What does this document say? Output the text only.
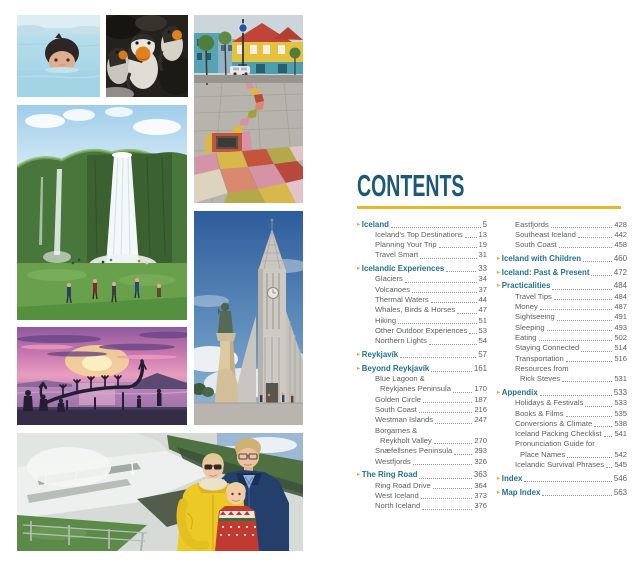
CONTENTS
▸ Iceland	5
Iceland's Top Destinations 13
Planning Your Trip	19
Travel Smart	31
▸ Icelandic Experiences	33
Glaciers	34
Volcanoes	37
Thermal Waters	44
Whales, Birds & Horses	47
Hiking	51
Other Outdoor Experiences 53
Northern Lights	54
▸ Reykjavík	57
▸ Beyond Reykjavík	161
Blue Lagoon &
Reykjanes Peninsula	170
Golden Circle	187
South Coast	216
Westman Islands	247
Borgarnes &
Reykholt Valley	270
Snæfellsnes Peninsula	293
Westfjords	326
▸ The Ring Road	363
Ring Road Drive	364
West Iceland	373
North Iceland	376
Eastfjords	428
Southeast Iceland	442
South Coast	458
▸ Iceland with Children	460
▸ Iceland: Past & Present	472
▸ Practicalities	484
Travel Tips	484
Money	487
Sightseeing	491
Sleeping	493
Eating	502
Staying Connected	514
Transportation	516
Resources from
Rick Steves	531
▸ Appendix	533
Holidays & Festivals	533
Books & Films	535
Conversions & Climate	538
Iceland Packing Checklist 541
Pronunciation Guide for
Place Names	542
Icelandic Survival Phrases 545
▸ Index	546
▸ Map Index	563
